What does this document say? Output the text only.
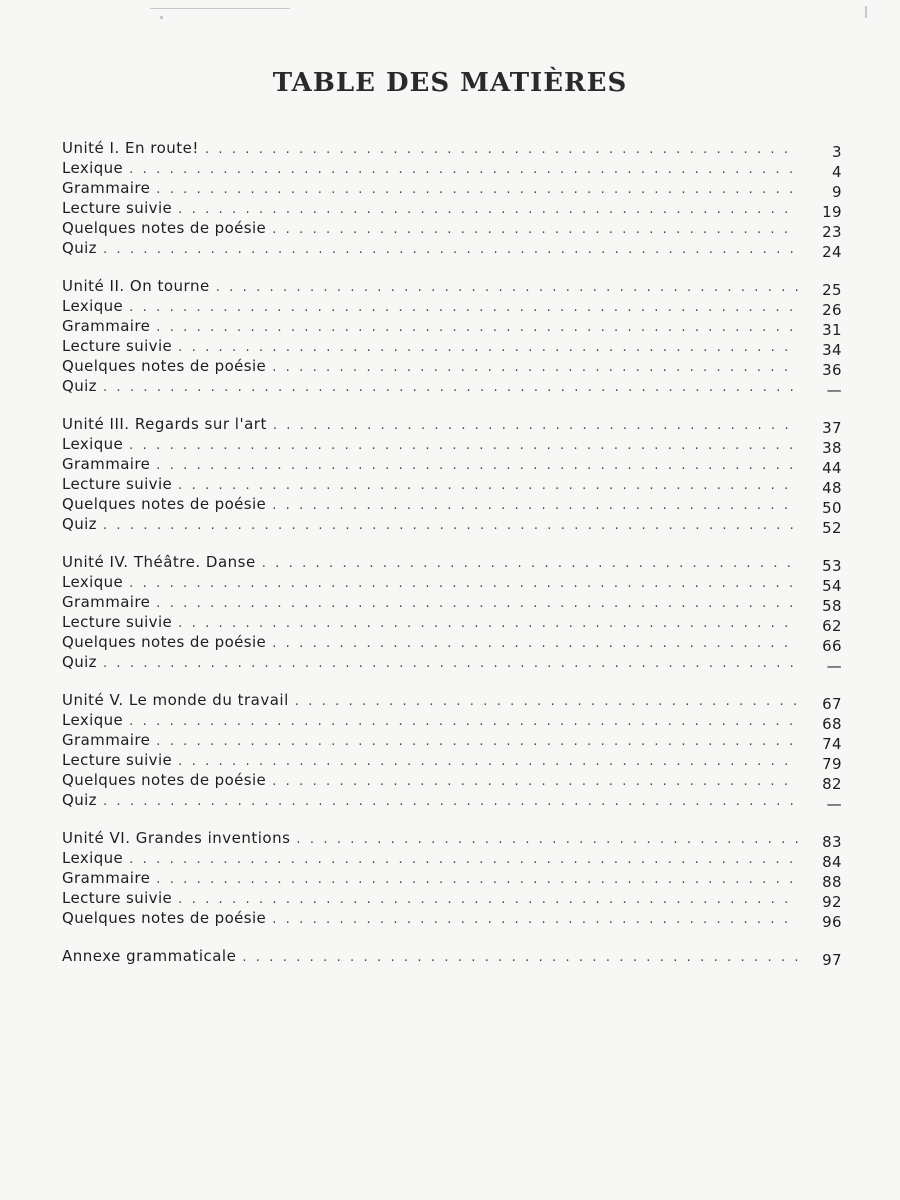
TABLE DES MATIÈRES
Unité I. En route! . . .	3
Lexique . . .	4
Grammaire . . .	9
Lecture suivie . . .	19
Quelques notes de poésie . . .	23
Quiz . . .	24
Unité II. On tourne . . .	25
Lexique . . .	26
Grammaire . . .	31
Lecture suivie . . .	34
Quelques notes de poésie . . .	36
Quiz . . .	—
Unité III. Regards sur l'art . . .	37
Lexique . . .	38
Grammaire . . .	44
Lecture suivie . . .	48
Quelques notes de poésie . . .	50
Quiz . . .	52
Unité IV. Théâtre. Danse . . .	53
Lexique . . .	54
Grammaire . . .	58
Lecture suivie . . .	62
Quelques notes de poésie . . .	66
Quiz . . .	—
Unité V. Le monde du travail . . .	67
Lexique . . .	68
Grammaire . . .	74
Lecture suivie . . .	79
Quelques notes de poésie . . .	82
Quiz . . .	—
Unité VI. Grandes inventions . . .	83
Lexique . . .	84
Grammaire . . .	88
Lecture suivie . . .	92
Quelques notes de poésie . . .	96
Annexe grammaticale . . .	97
